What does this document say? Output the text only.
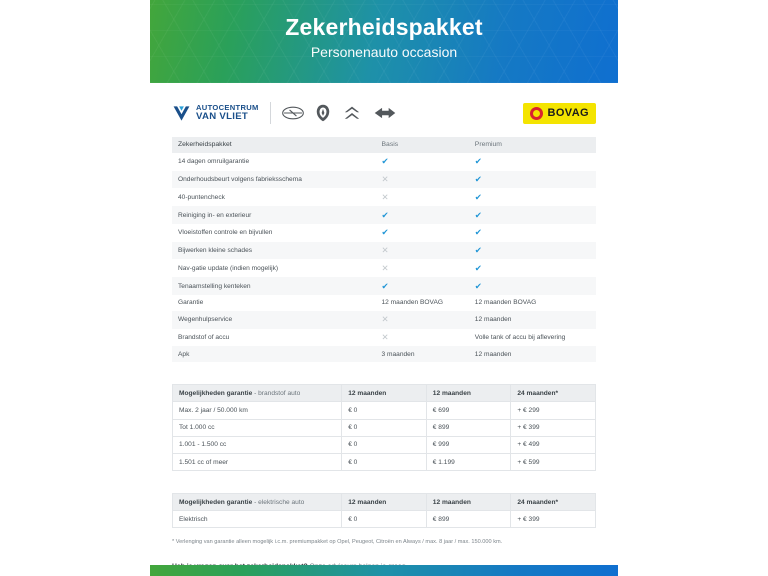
Zekerheidspakket
Personenauto occasion
AUTOCENTRUM
VAN VLIET	BOVAG
Zekerheidspakket	Basis	Premium
14 dagen omruilgarantie	✔	✔
Onderhoudsbeurt volgens fabrieksschema	✕	✔
40-puntencheck	✕	✔
Reiniging in- en exterieur	✔	✔
Vloeistoffen controle en bijvullen	✔	✔
Bijwerken kleine schades	✕	✔
Nav-gatie update (indien mogelijk)	✕	✔
Tenaamstelling kenteken	✔	✔
Garantie	12 maanden BOVAG	12 maanden BOVAG
Wegenhulpservice	✕	12 maanden
Brandstof of accu	✕	Volle tank of accu bij aflevering
Apk	3 maanden	12 maanden
Mogelijkheden garantie - brandstof auto	12 maanden	12 maanden	24 maanden*
Max. 2 jaar / 50.000 km	€ 0	€ 699	+ € 299
Tot 1.000 cc	€ 0	€ 899	+ € 399
1.001 - 1.500 cc	€ 0	€ 999	+ € 499
1.501 cc of meer	€ 0	€ 1.199	+ € 599
Mogelijkheden garantie - elektrische auto	12 maanden	12 maanden	24 maanden*
Elektrisch	€ 0	€ 899	+ € 399
* Verlenging van garantie alleen mogelijk i.c.m. premiumpakket op Opel, Peugeot, Citroën en Always / max. 8 jaar / max. 150.000 km.
